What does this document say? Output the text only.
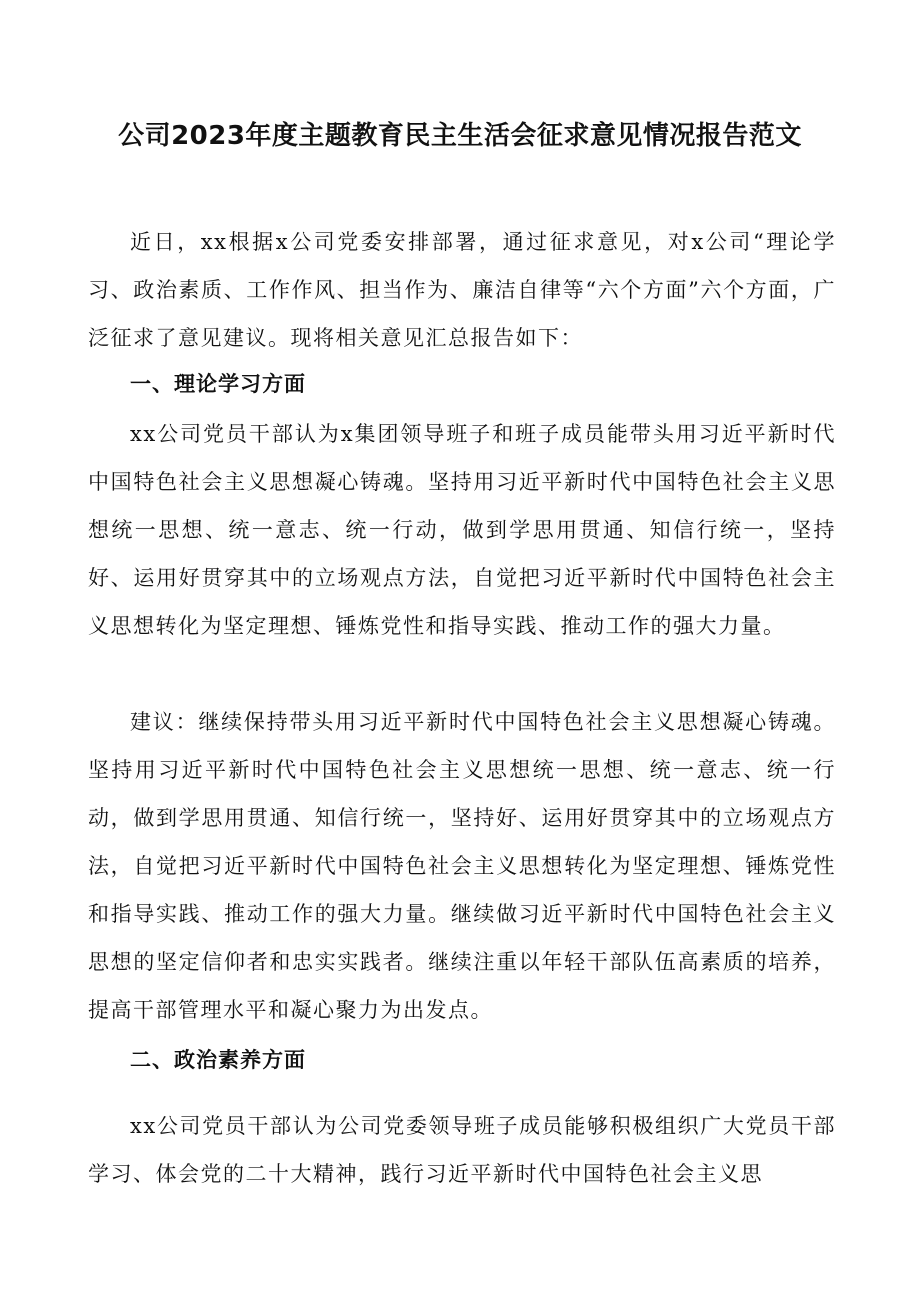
公司2023年度主题教育民主生活会征求意见情况报告范文

近日，xx根据x公司党委安排部署，通过征求意见，对x公司“理论学习、政治素质、工作作风、担当作为、廉洁自律等“六个方面”六个方面，广泛征求了意见建议。现将相关意见汇总报告如下：

一、理论学习方面

xx公司党员干部认为x集团领导班子和班子成员能带头用习近平新时代中国特色社会主义思想凝心铸魂。坚持用习近平新时代中国特色社会主义思想统一思想、统一意志、统一行动，做到学思用贯通、知信行统一，坚持好、运用好贯穿其中的立场观点方法，自觉把习近平新时代中国特色社会主义思想转化为坚定理想、锤炼党性和指导实践、推动工作的强大力量。

建议：继续保持带头用习近平新时代中国特色社会主义思想凝心铸魂。坚持用习近平新时代中国特色社会主义思想统一思想、统一意志、统一行动，做到学思用贯通、知信行统一，坚持好、运用好贯穿其中的立场观点方法，自觉把习近平新时代中国特色社会主义思想转化为坚定理想、锤炼党性和指导实践、推动工作的强大力量。继续做习近平新时代中国特色社会主义思想的坚定信仰者和忠实实践者。继续注重以年轻干部队伍高素质的培养，提高干部管理水平和凝心聚力为出发点。

二、政治素养方面

xx公司党员干部认为公司党委领导班子成员能够积极组织广大党员干部学习、体会党的二十大精神，践行习近平新时代中国特色社会主义思
